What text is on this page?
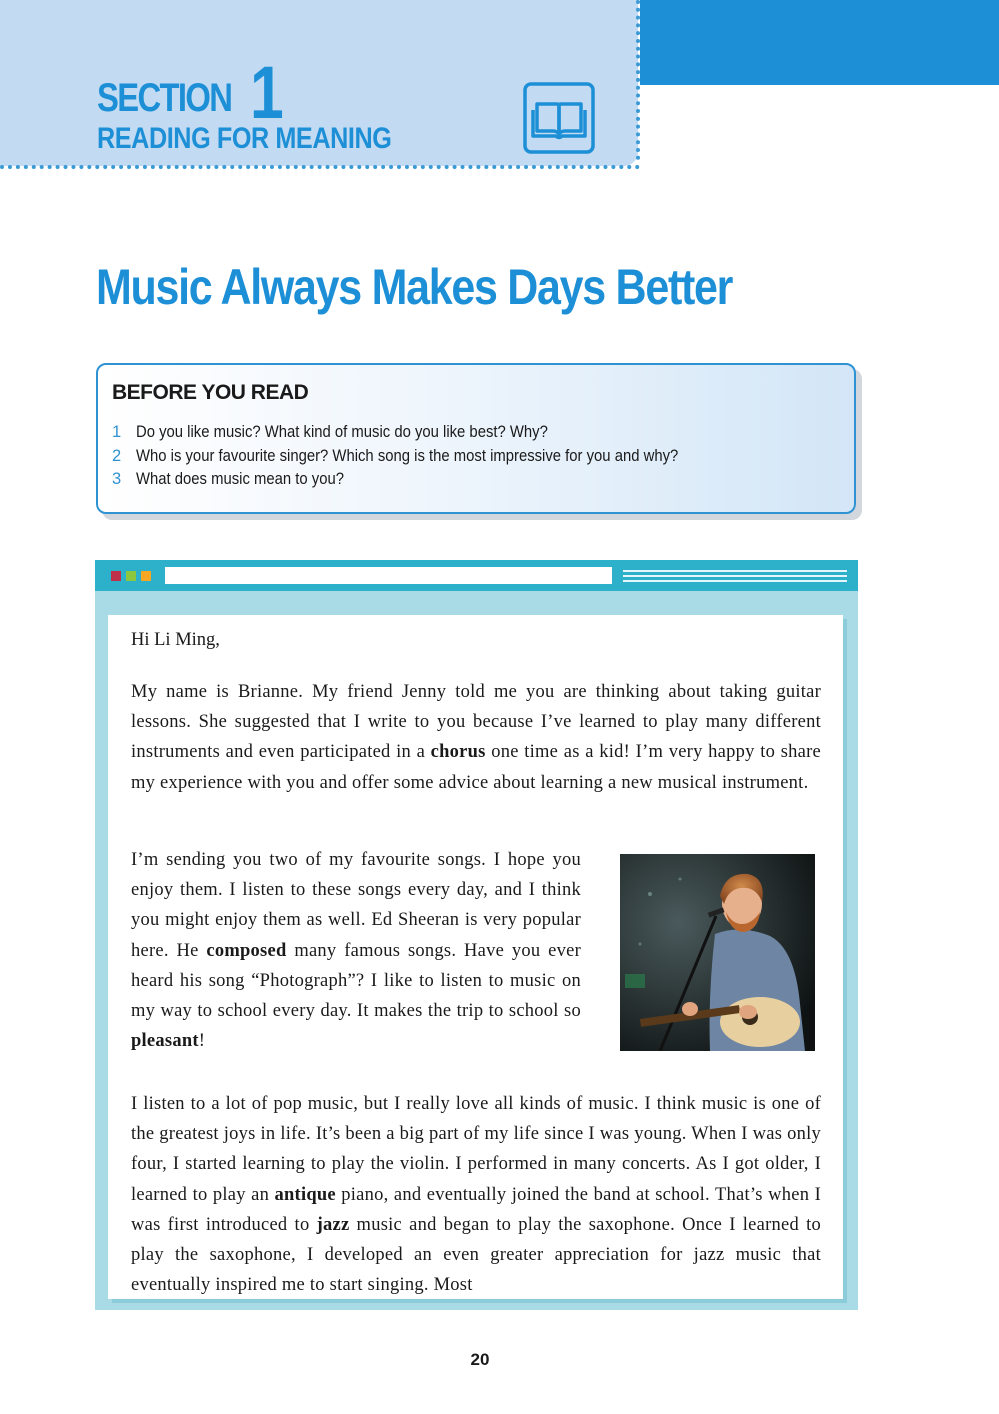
SECTION 1
READING FOR MEANING
Music Always Makes Days Better
BEFORE YOU READ
1 Do you like music? What kind of music do you like best? Why?
2 Who is your favourite singer? Which song is the most impressive for you and why?
3 What does music mean to you?
Hi Li Ming,

My name is Brianne. My friend Jenny told me you are thinking about taking guitar lessons. She suggested that I write to you because I’ve learned to play many different instruments and even participated in a chorus one time as a kid! I’m very happy to share my experience with you and offer some advice about learning a new musical instrument.

I’m sending you two of my favourite songs. I hope you enjoy them. I listen to these songs every day, and I think you might enjoy them as well. Ed Sheeran is very popular here. He composed many famous songs. Have you ever heard his song “Photograph”? I like to listen to music on my way to school every day. It makes the trip to school so pleasant!

I listen to a lot of pop music, but I really love all kinds of music. I think music is one of the greatest joys in life. It’s been a big part of my life since I was young. When I was only four, I started learning to play the violin. I performed in many concerts. As I got older, I learned to play an antique piano, and eventually joined the band at school. That’s when I was first introduced to jazz music and began to play the saxophone. Once I learned to play the saxophone, I developed an even greater appreciation for jazz music that eventually inspired me to start singing. Most

20
